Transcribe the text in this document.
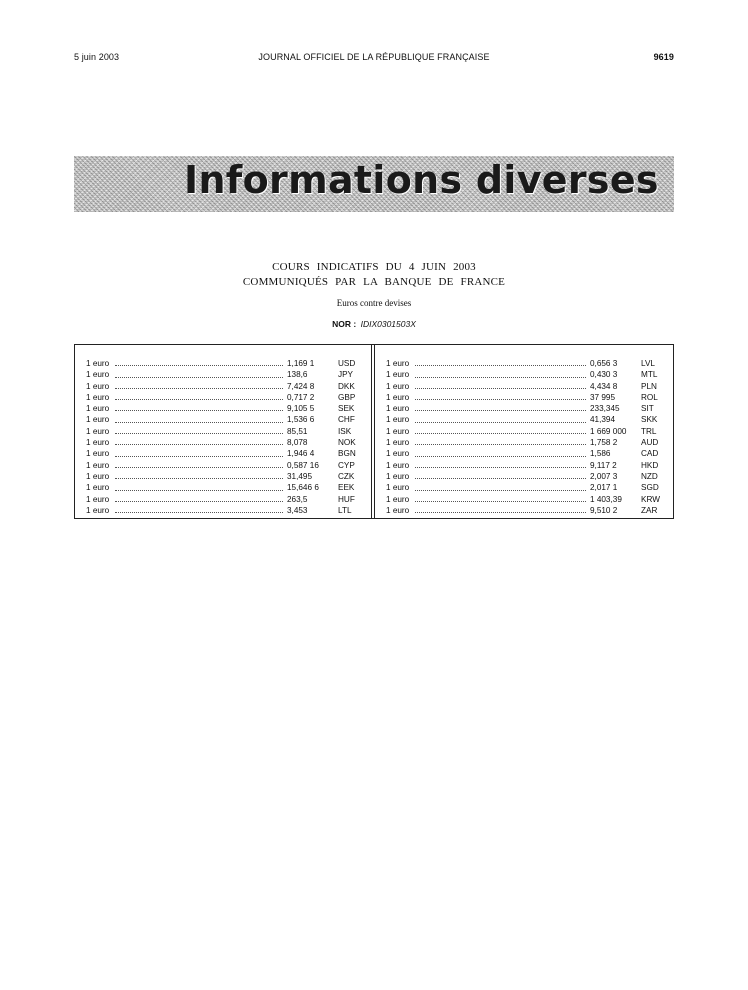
5 juin 2003	JOURNAL OFFICIEL DE LA RÉPUBLIQUE FRANÇAISE	9619
Informations diverses
COURS INDICATIFS DU 4 JUIN 2003
COMMUNIQUÉS PAR LA BANQUE DE FRANCE
Euros contre devises
NOR : IDIX0301503X
1 euro	1,169 1	USD
1 euro	138,6	JPY
1 euro	7,424 8	DKK
1 euro	0,717 2	GBP
1 euro	9,105 5	SEK
1 euro	1,536 6	CHF
1 euro	85,51	ISK
1 euro	8,078	NOK
1 euro	1,946 4	BGN
1 euro	0,587 16	CYP
1 euro	31,495	CZK
1 euro	15,646 6	EEK
1 euro	263,5	HUF
1 euro	3,453	LTL
1 euro	0,656 3	LVL
1 euro	0,430 3	MTL
1 euro	4,434 8	PLN
1 euro	37 995	ROL
1 euro	233,345	SIT
1 euro	41,394	SKK
1 euro	1 669 000	TRL
1 euro	1,758 2	AUD
1 euro	1,586	CAD
1 euro	9,117 2	HKD
1 euro	2,007 3	NZD
1 euro	2,017 1	SGD
1 euro	1 403,39	KRW
1 euro	9,510 2	ZAR
